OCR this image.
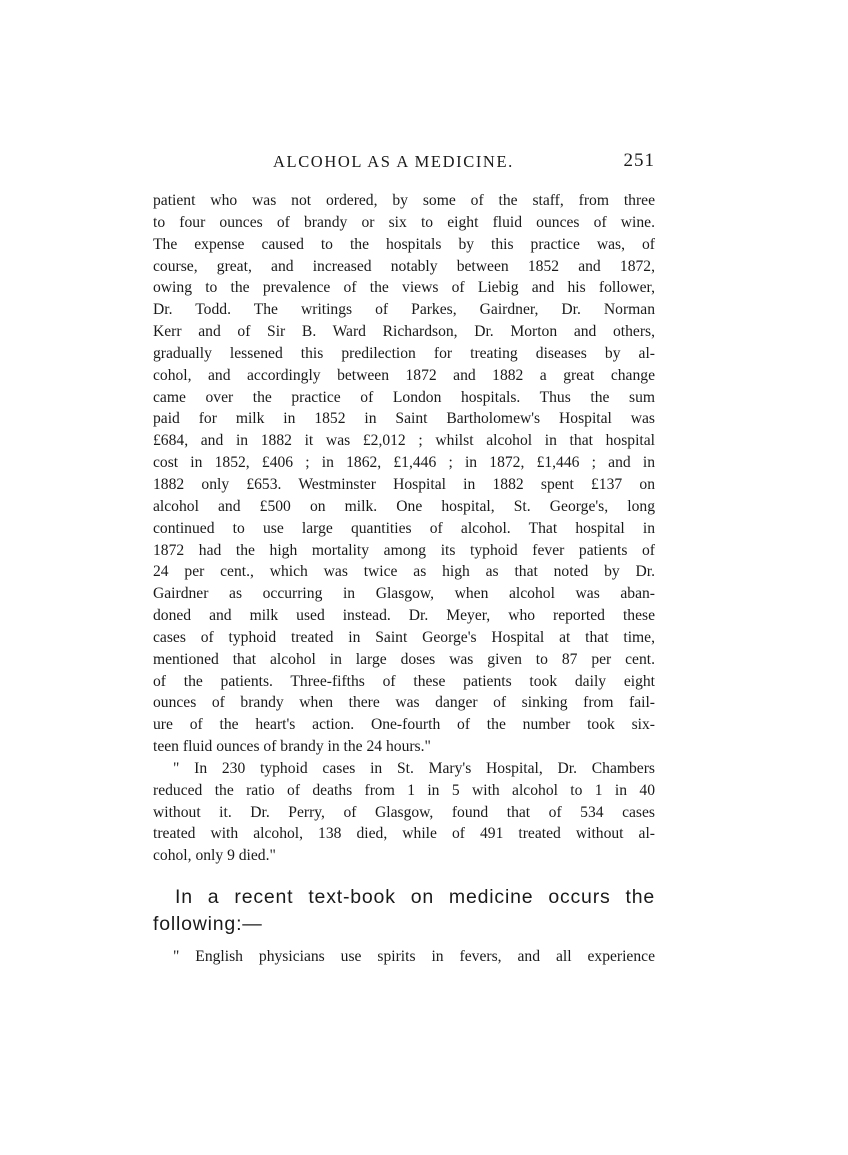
ALCOHOL AS A MEDICINE.	251
patient who was not ordered, by some of the staff, from three
to four ounces of brandy or six to eight fluid ounces of wine.
The expense caused to the hospitals by this practice was, of
course, great, and increased notably between 1852 and 1872,
owing to the prevalence of the views of Liebig and his follower,
Dr. Todd. The writings of Parkes, Gairdner, Dr. Norman
Kerr and of Sir B. Ward Richardson, Dr. Morton and others,
gradually lessened this predilection for treating diseases by al-
cohol, and accordingly between 1872 and 1882 a great change
came over the practice of London hospitals. Thus the sum
paid for milk in 1852 in Saint Bartholomew's Hospital was
£684, and in 1882 it was £2,012 ; whilst alcohol in that hospital
cost in 1852, £406 ; in 1862, £1,446 ; in 1872, £1,446 ; and in
1882 only £653. Westminster Hospital in 1882 spent £137 on
alcohol and £500 on milk. One hospital, St. George's, long
continued to use large quantities of alcohol. That hospital in
1872 had the high mortality among its typhoid fever patients of
24 per cent., which was twice as high as that noted by Dr.
Gairdner as occurring in Glasgow, when alcohol was aban-
doned and milk used instead. Dr. Meyer, who reported these
cases of typhoid treated in Saint George's Hospital at that time,
mentioned that alcohol in large doses was given to 87 per cent.
of the patients. Three-fifths of these patients took daily eight
ounces of brandy when there was danger of sinking from fail-
ure of the heart's action. One-fourth of the number took six-
teen fluid ounces of brandy in the 24 hours."
" In 230 typhoid cases in St. Mary's Hospital, Dr. Chambers
reduced the ratio of deaths from 1 in 5 with alcohol to 1 in 40
without it. Dr. Perry, of Glasgow, found that of 534 cases
treated with alcohol, 138 died, while of 491 treated without al-
cohol, only 9 died."
In a recent text-book on medicine occurs the
following:—
" English physicians use spirits in fevers, and all experience
